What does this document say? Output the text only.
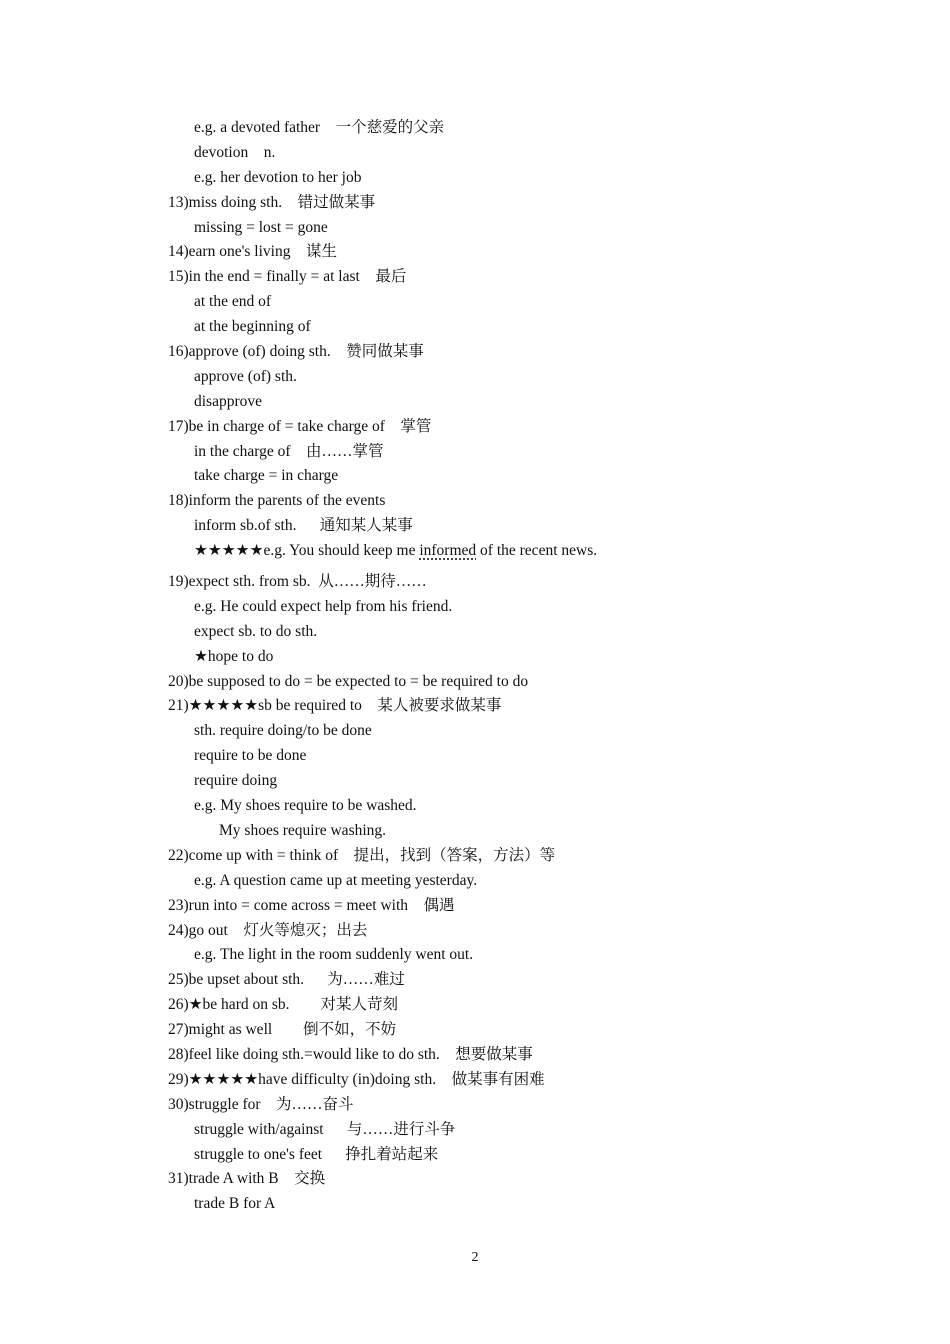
e.g. a devoted father    一个慈爱的父亲
devotion    n.
e.g. her devotion to her job
13)miss doing sth.    错过做某事
missing = lost = gone
14)earn one's living    谋生
15)in the end = finally = at last    最后
at the end of
at the beginning of
16)approve (of) doing sth.    赞同做某事
approve (of) sth.
disapprove
17)be in charge of = take charge of    掌管
in the charge of    由……掌管
take charge = in charge
18)inform the parents of the events
inform sb.of sth.      通知某人某事
★★★★★e.g. You should keep me informed of the recent news.
19)expect sth. from sb.  从……期待……
e.g. He could expect help from his friend.
expect sb. to do sth.
★hope to do
20)be supposed to do = be expected to = be required to do
21)★★★★★sb be required to    某人被要求做某事
sth. require doing/to be done
require to be done
require doing
e.g. My shoes require to be washed.
My shoes require washing.
22)come up with = think of    提出，找到（答案，方法）等
e.g. A question came up at meeting yesterday.
23)run into = come across = meet with    偶遇
24)go out    灯火等熄灭；出去
e.g. The light in the room suddenly went out.
25)be upset about sth.      为……难过
26)★be hard on sb.        对某人苛刻
27)might as well        倒不如，不妨
28)feel like doing sth.=would like to do sth.    想要做某事
29)★★★★★have difficulty (in)doing sth.    做某事有困难
30)struggle for    为……奋斗
struggle with/against      与……进行斗争
struggle to one's feet      挣扎着站起来
31)trade A with B    交换
trade B for A
2
